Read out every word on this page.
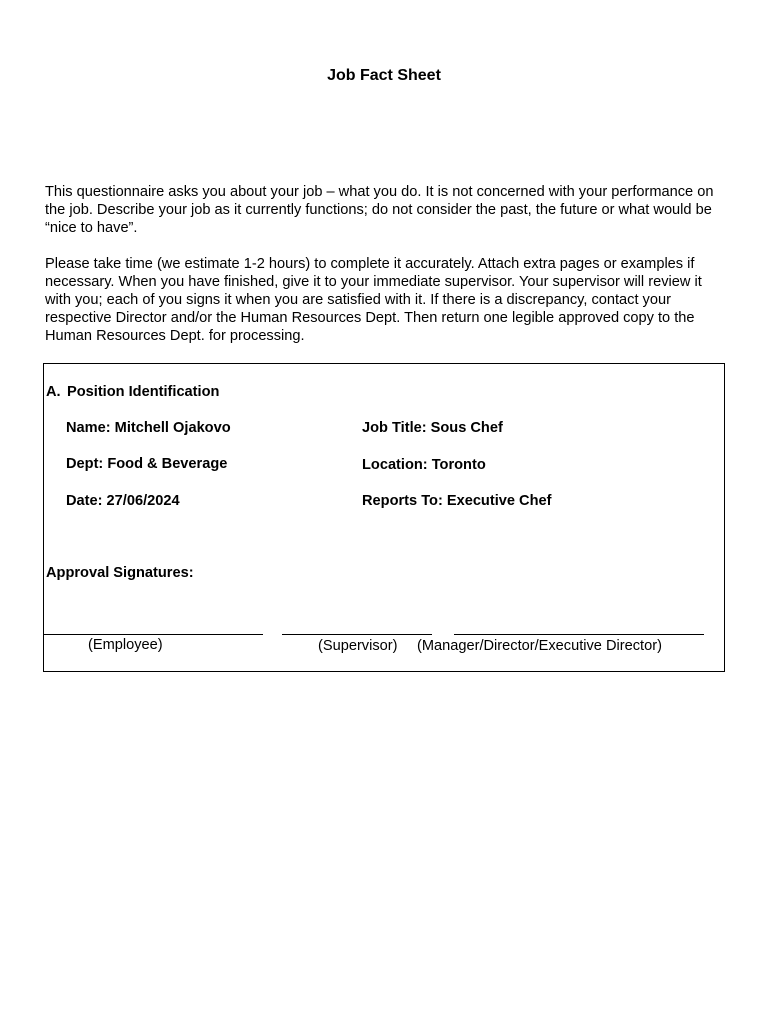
Job Fact Sheet

This questionnaire asks you about your job – what you do. It is not concerned with your performance on the job. Describe your job as it currently functions; do not consider the past, the future or what would be “nice to have”.

Please take time (we estimate 1-2 hours) to complete it accurately. Attach extra pages or examples if necessary. When you have finished, give it to your immediate supervisor. Your supervisor will review it with you; each of you signs it when you are satisfied with it. If there is a discrepancy, contact your respective Director and/or the Human Resources Dept. Then return one legible approved copy to the Human Resources Dept. for processing.

A. Position Identification
Name: Mitchell Ojakovo
Dept: Food & Beverage
Date: 27/06/2024
Job Title: Sous Chef
Location: Toronto
Reports To: Executive Chef
Approval Signatures:
(Employee)	(Supervisor) (Manager/Director/Executive Director)
